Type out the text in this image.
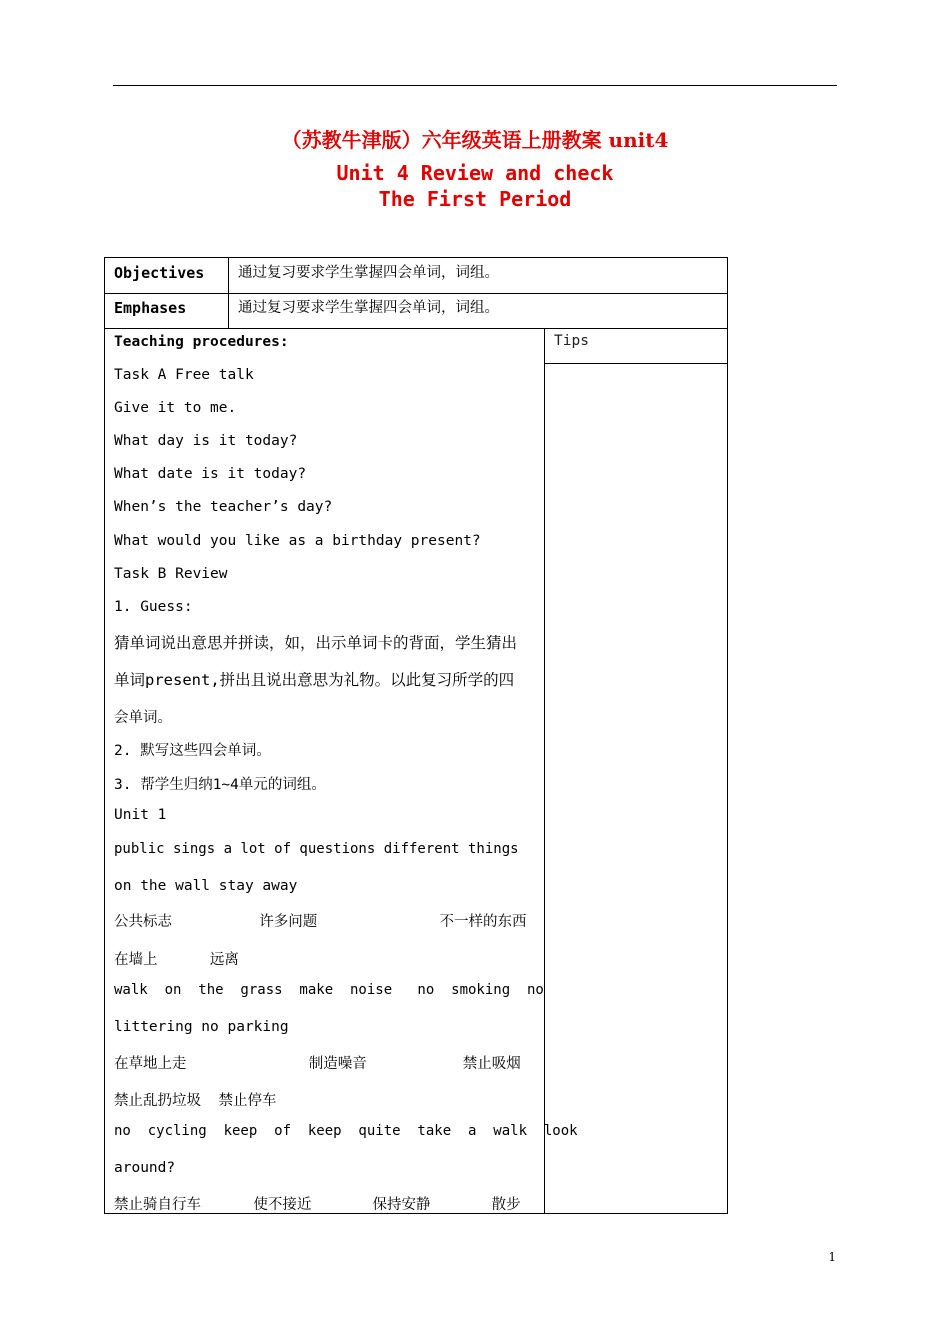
（苏教牛津版）六年级英语上册教案 unit4
Unit 4 Review and check
The First Period
Objectives 通过复习要求学生掌握四会单词，词组。
Emphases	通过复习要求学生掌握四会单词，词组。
Teaching procedures:	Tips
Task A Free talk
Give it to me.
What day is it today?
What date is it today?
When’s the teacher’s day?
What would you like as a birthday present?
Task B Review
1. Guess:
猜单词说出意思并拼读，如，出示单词卡的背面，学生猜出
单词present,拼出且说出意思为礼物。以此复习所学的四
会单词。
2. 默写这些四会单词。
3. 帮学生归纳1~4单元的词组。
Unit 1
public sings a lot of questions different things
on the wall stay away
公共标志          许多问题              不一样的东西
在墙上      远离
walk  on  the  grass  make  noise   no  smoking  no
littering no parking
在草地上走              制造噪音           禁止吸烟
禁止乱扔垃圾  禁止停车
no  cycling  keep  of  keep  quite  take  a  walk  look
around?
禁止骑自行车      使不接近       保持安静       散步
1
